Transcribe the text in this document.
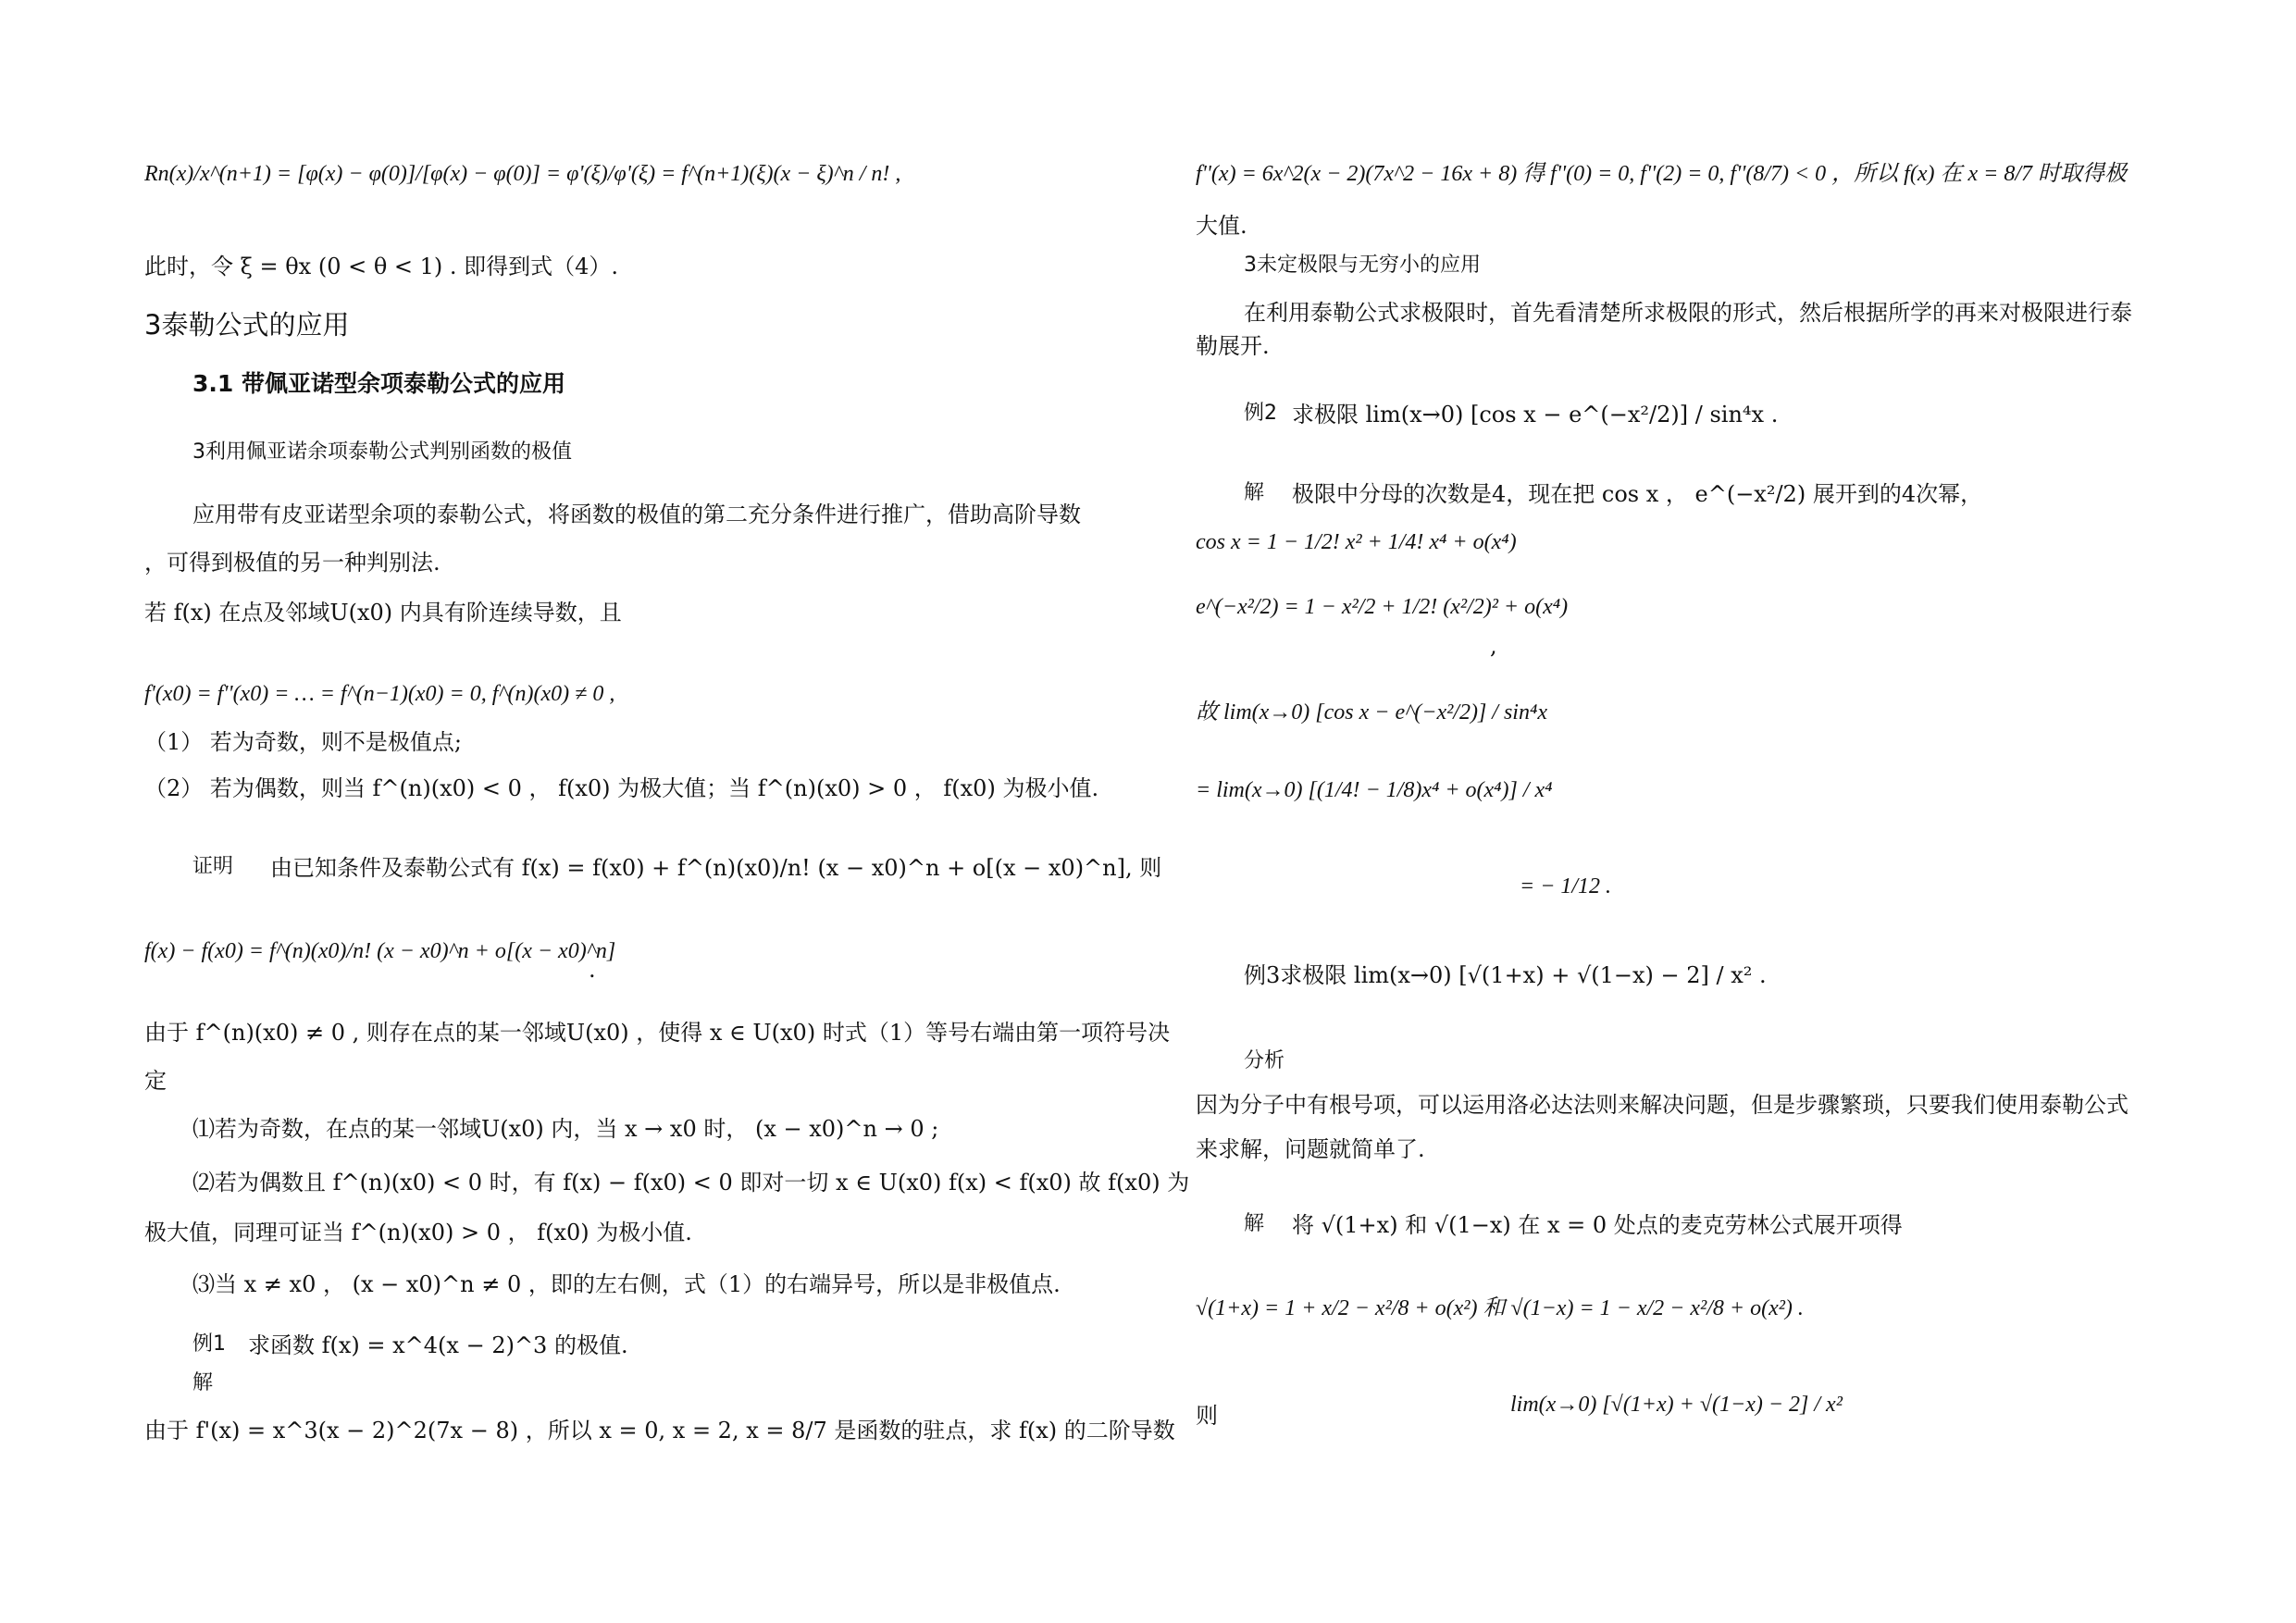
Rn(x)/x^(n+1) = [φ(x) − φ(0)]/[φ(x) − φ(0)] = φ'(ξ)/φ'(ξ) = f^(n+1)(ξ)(x − ξ)^n / n! ,
此时，令 ξ = θx (0 < θ < 1) . 即得到式（4）.
3泰勒公式的应用
3.1 带佩亚诺型余项泰勒公式的应用
3利用佩亚诺余项泰勒公式判别函数的极值
应用带有皮亚诺型余项的泰勒公式，将函数的极值的第二充分条件进行推广，借助高阶导数
，可得到极值的另一种判别法.
若 f(x) 在点及邻域U(x0) 内具有阶连续导数，且
f'(x0) = f''(x0) = … = f^(n−1)(x0) = 0, f^(n)(x0) ≠ 0 ,
（1） 若为奇数，则不是极值点;
（2） 若为偶数，则当 f^(n)(x0) < 0 ， f(x0) 为极大值；当 f^(n)(x0) > 0 ， f(x0) 为极小值.
证明 由已知条件及泰勒公式有 f(x) = f(x0) + f^(n)(x0)/n! (x − x0)^n + o[(x − x0)^n], 则
f(x) − f(x0) = f^(n)(x0)/n! (x − x0)^n + o[(x − x0)^n]
.
由于 f^(n)(x0) ≠ 0 , 则存在点的某一邻域U(x0) ，使得 x ∈ U(x0) 时式（1）等号右端由第一项符号决
定
⑴若为奇数，在点的某一邻域U(x0) 内，当 x → x0 时， (x − x0)^n → 0 ;
⑵若为偶数且 f^(n)(x0) < 0 时，有 f(x) − f(x0) < 0 即对一切 x ∈ U(x0) f(x) < f(x0) 故 f(x0) 为
极大值，同理可证当 f^(n)(x0) > 0 ， f(x0) 为极小值.
⑶当 x ≠ x0 ， (x − x0)^n ≠ 0 ，即的左右侧，式（1）的右端异号，所以是非极值点.
例1 求函数 f(x) = x^4(x − 2)^3 的极值.
解
由于 f'(x) = x^3(x − 2)^2(7x − 8) ，所以 x = 0, x = 2, x = 8/7 是函数的驻点，求 f(x) 的二阶导数
f''(x) = 6x^2(x − 2)(7x^2 − 16x + 8) 得 f''(0) = 0, f''(2) = 0, f''(8/7) < 0 ，所以 f(x) 在 x = 8/7 时取得极
大值.
3未定极限与无穷小的应用
在利用泰勒公式求极限时，首先看清楚所求极限的形式，然后根据所学的再来对极限进行泰
勒展开.
例2 求极限 lim(x→0) [cos x − e^(−x²/2)] / sin⁴x .
解 极限中分母的次数是4，现在把 cos x ， e^(−x²/2) 展开到的4次幂，
cos x = 1 − 1/2! x² + 1/4! x⁴ + o(x⁴)
e^(−x²/2) = 1 − x²/2 + 1/2! (x²/2)² + o(x⁴)
,
故 lim(x→0) [cos x − e^(−x²/2)] / sin⁴x
= lim(x→0) [(1/4! − 1/8)x⁴ + o(x⁴)] / x⁴
= − 1/12 .
例3求极限 lim(x→0) [√(1+x) + √(1−x) − 2] / x² .
分析
因为分子中有根号项，可以运用洛必达法则来解决问题，但是步骤繁琐，只要我们使用泰勒公式
来求解，问题就简单了.
解 将 √(1+x) 和 √(1−x) 在 x = 0 处点的麦克劳林公式展开项得
√(1+x) = 1 + x/2 − x²/8 + o(x²) 和 √(1−x) = 1 − x/2 − x²/8 + o(x²) .
则	lim(x→0) [√(1+x) + √(1−x) − 2] / x²
